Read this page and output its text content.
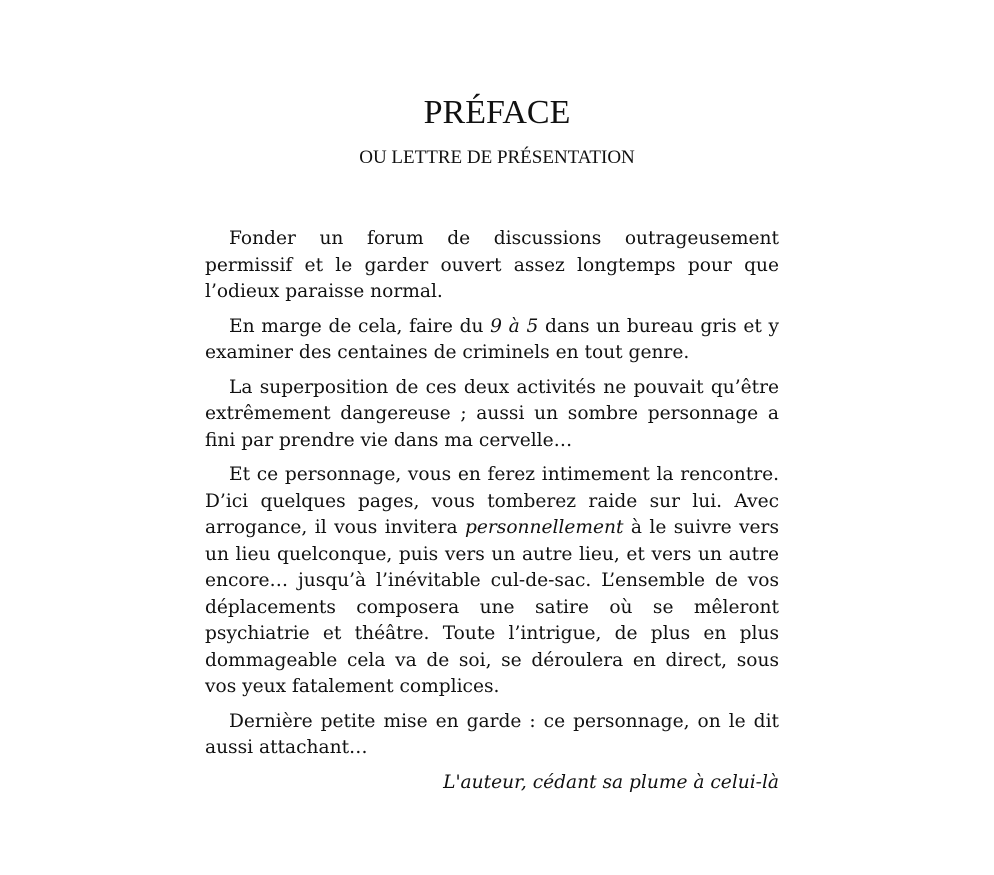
PRÉFACE
OU LETTRE DE PRÉSENTATION

Fonder un forum de discussions outrageusement permissif et le garder ouvert assez longtemps pour que l’odieux paraisse normal.

En marge de cela, faire du 9 à 5 dans un bureau gris et y examiner des centaines de criminels en tout genre.

La superposition de ces deux activités ne pouvait qu’être extrêmement dangereuse ; aussi un sombre personnage a fini par prendre vie dans ma cervelle…

Et ce personnage, vous en ferez intimement la rencontre. D’ici quelques pages, vous tomberez raide sur lui. Avec arrogance, il vous invitera personnellement à le suivre vers un lieu quelconque, puis vers un autre lieu, et vers un autre encore… jusqu’à l’inévitable cul-de-sac. L’ensemble de vos déplacements composera une satire où se mêleront psychiatrie et théâtre. Toute l’intrigue, de plus en plus dommageable cela va de soi, se déroulera en direct, sous vos yeux fatalement complices.

Dernière petite mise en garde : ce personnage, on le dit aussi attachant…

L'auteur, cédant sa plume à celui-là
